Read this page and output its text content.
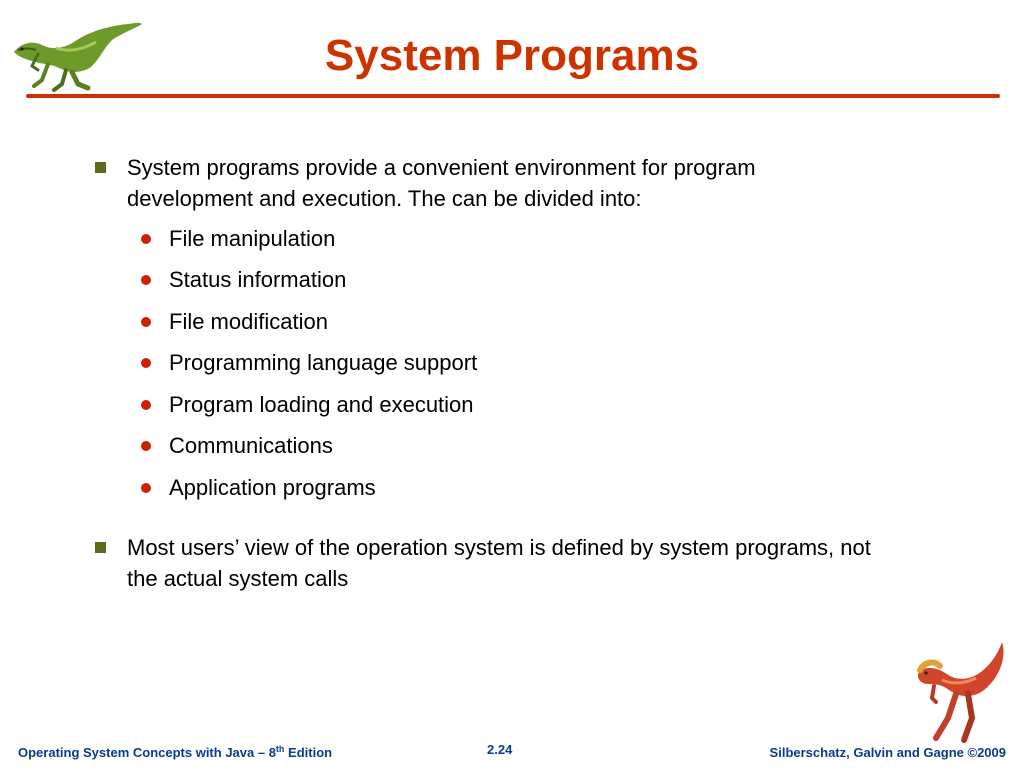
System Programs
System programs provide a convenient environment for program development and execution. The can be divided into:
File manipulation
Status information
File modification
Programming language support
Program loading and execution
Communications
Application programs
Most users’ view of the operation system is defined by system programs, not the actual system calls
Operating System Concepts with Java – 8th Edition	2.24	Silberschatz, Galvin and Gagne ©2009
